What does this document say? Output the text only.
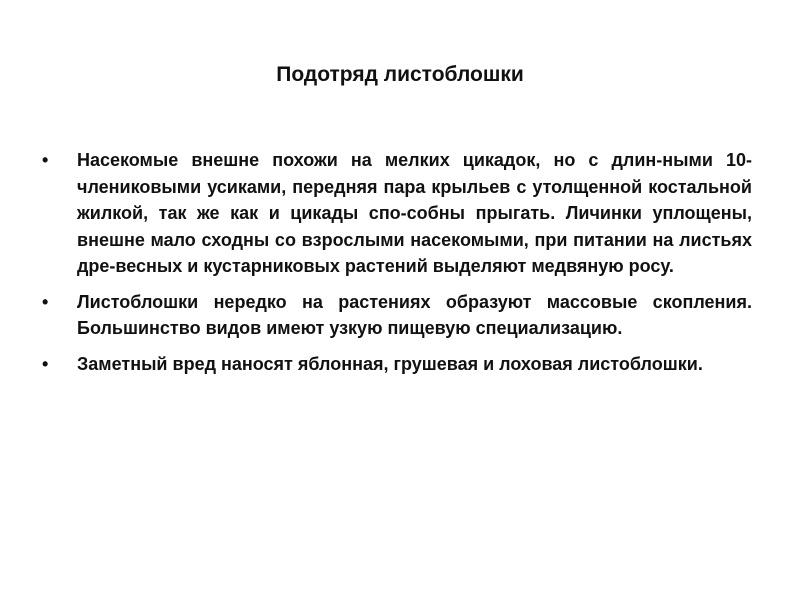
Подотряд листоблошки
• Насекомые внешне похожи на мелких цикадок, но с длин-ными 10-члениковыми усиками, передняя пара крыльев с утолщенной костальной жилкой, так же как и цикады спо-собны прыгать. Личинки уплощены, внешне мало сходны со взрослыми насекомыми, при питании на листьях дре-весных и кустарниковых растений выделяют медвяную росу.
• Листоблошки нередко на растениях образуют массовые скопления. Большинство видов имеют узкую пищевую специализацию.
• Заметный вред наносят яблонная, грушевая и лоховая листоблошки.
